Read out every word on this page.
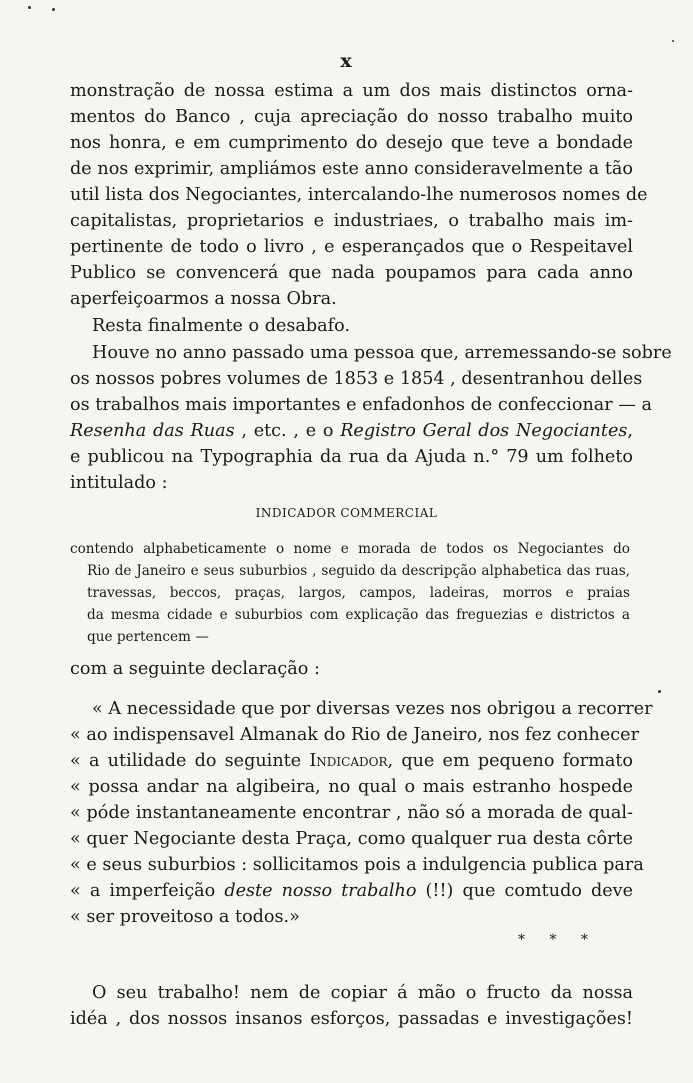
x
monstração de nossa estima a um dos mais distinctos orna-
mentos do Banco , cuja apreciação do nosso trabalho muito
nos honra, e em cumprimento do desejo que teve a bondade
de nos exprimir, ampliámos este anno consideravelmente a tão
util lista dos Negociantes, intercalando-lhe numerosos nomes de
capitalistas, proprietarios e industriaes, o trabalho mais im-
pertinente de todo o livro , e esperançados que o Respeitavel
Publico se convencerá que nada poupamos para cada anno
aperfeiçoarmos a nossa Obra.
Resta finalmente o desabafo.
Houve no anno passado uma pessoa que, arremessando-se sobre
os nossos pobres volumes de 1853 e 1854 , desentranhou delles
os trabalhos mais importantes e enfadonhos de confeccionar — a
Resenha das Ruas , etc. , e o Registro Geral dos Negociantes,
e publicou na Typographia da rua da Ajuda n.° 79 um folheto
intitulado :
INDICADOR COMMERCIAL
contendo alphabeticamente o nome e morada de todos os Negociantes do
Rio de Janeiro e seus suburbios , seguido da descripção alphabetica das ruas,
travessas, beccos, praças, largos, campos, ladeiras, morros e praias
da mesma cidade e suburbios com explicação das freguezias e districtos a
que pertencem —
com a seguinte declaração :
« A necessidade que por diversas vezes nos obrigou a recorrer
« ao indispensavel Almanak do Rio de Janeiro, nos fez conhecer
« a utilidade do seguinte Indicador, que em pequeno formato
« possa andar na algibeira, no qual o mais estranho hospede
« póde instantaneamente encontrar , não só a morada de qual-
« quer Negociante desta Praça, como qualquer rua desta côrte
« e seus suburbios : sollicitamos pois a indulgencia publica para
« a imperfeição deste nosso trabalho (!!) que comtudo deve
« ser proveitoso a todos.»
* * *
O seu trabalho! nem de copiar á mão o fructo da nossa
idéa , dos nossos insanos esforços, passadas e investigações!
